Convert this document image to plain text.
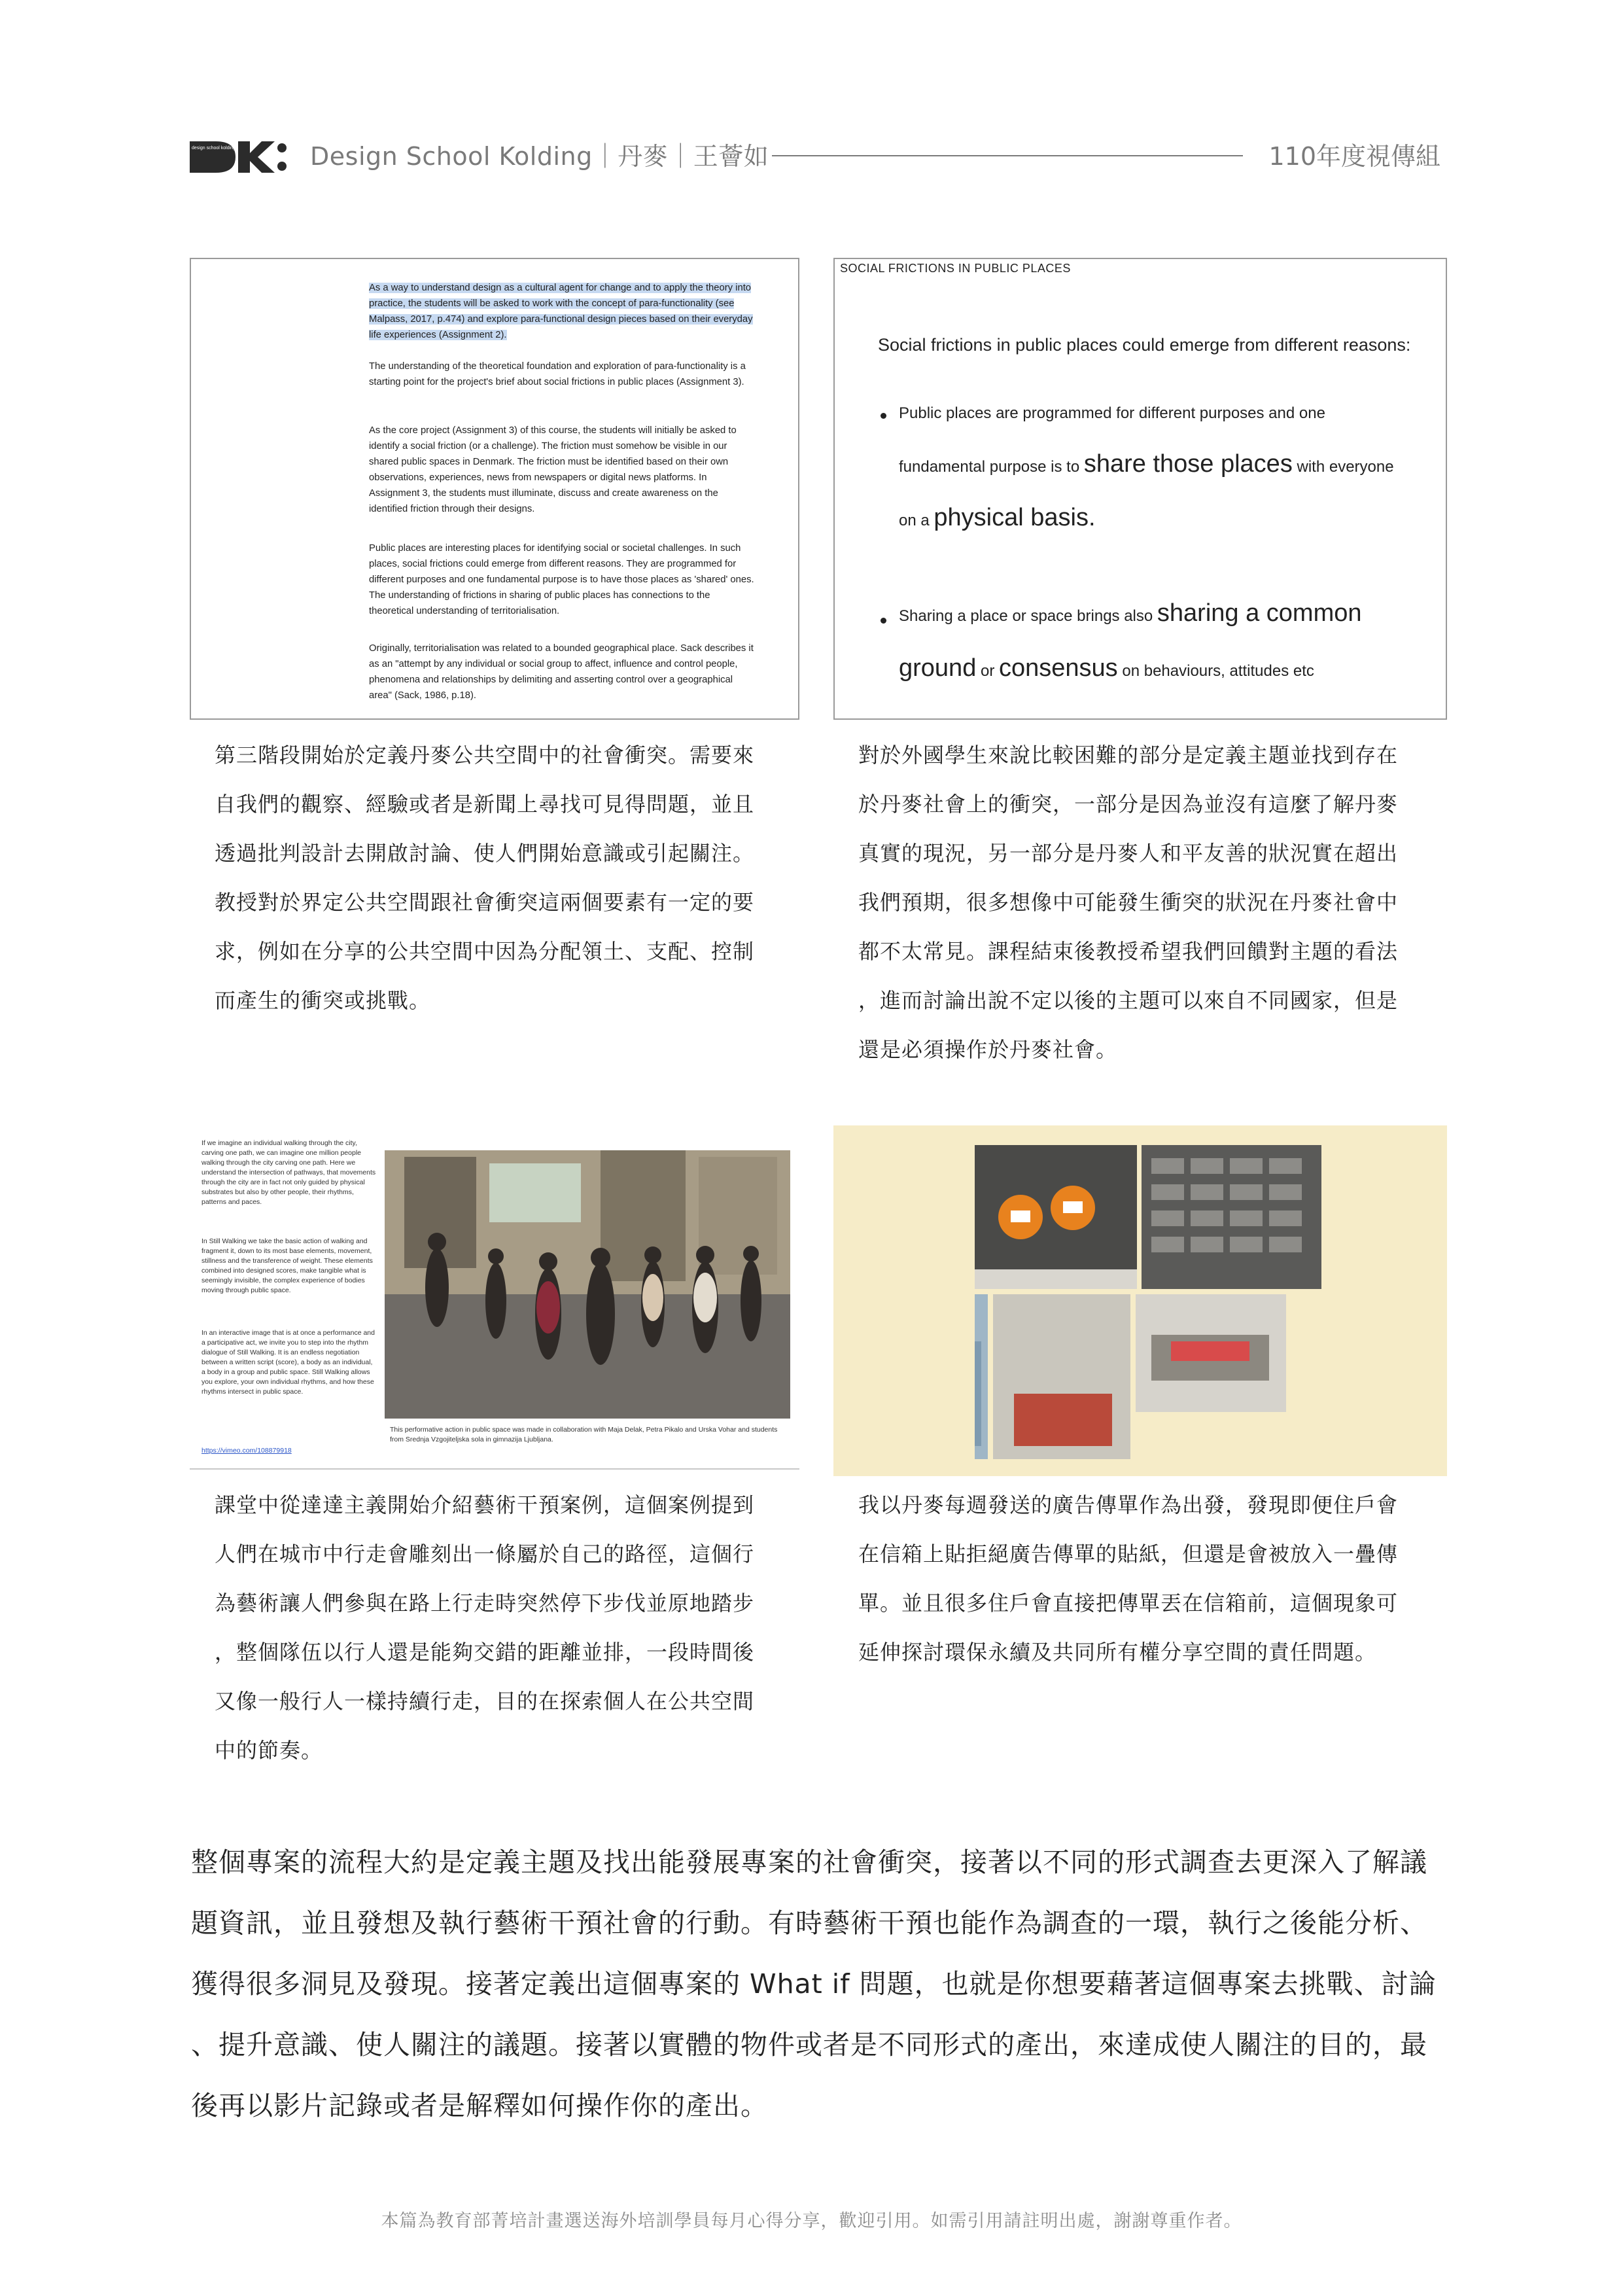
design school kolding	Design School Kolding｜丹麥｜王薈如	110年度視傳組

As a way to understand design as a cultural agent for change and to apply the theory into practice, the students will be asked to work with the concept of para-functionality (see Malpass, 2017, p.474) and explore para-functional design pieces based on their everyday life experiences (Assignment 2).

The understanding of the theoretical foundation and exploration of para-functionality is a starting point for the project's brief about social frictions in public places (Assignment 3).

As the core project (Assignment 3) of this course, the students will initially be asked to identify a social friction (or a challenge). The friction must somehow be visible in our shared public spaces in Denmark. The friction must be identified based on their own observations, experiences, news from newspapers or digital news platforms. In Assignment 3, the students must illuminate, discuss and create awareness on the identified friction through their designs.

Public places are interesting places for identifying social or societal challenges. In such places, social frictions could emerge from different reasons. They are programmed for different purposes and one fundamental purpose is to have those places as 'shared' ones. The understanding of frictions in sharing of public places has connections to the theoretical understanding of territorialisation.

Originally, territorialisation was related to a bounded geographical place. Sack describes it as an "attempt by any individual or social group to affect, influence and control people, phenomena and relationships by delimiting and asserting control over a geographical area" (Sack, 1986, p.18).

SOCIAL FRICTIONS IN PUBLIC PLACES
Social frictions in public places could emerge from different reasons:
Public places are programmed for different purposes and one
fundamental purpose is to share those places with everyone
on a physical basis.
Sharing a place or space brings also sharing a common
ground or consensus on behaviours, attitudes etc

第三階段開始於定義丹麥公共空間中的社會衝突。需要來
自我們的觀察、經驗或者是新聞上尋找可見得問題，並且
透過批判設計去開啟討論、使人們開始意識或引起關注。
教授對於界定公共空間跟社會衝突這兩個要素有一定的要
求，例如在分享的公共空間中因為分配領土、支配、控制
而產生的衝突或挑戰。

對於外國學生來說比較困難的部分是定義主題並找到存在
於丹麥社會上的衝突，一部分是因為並沒有這麼了解丹麥
真實的現況，另一部分是丹麥人和平友善的狀況實在超出
我們預期，很多想像中可能發生衝突的狀況在丹麥社會中
都不太常見。課程結束後教授希望我們回饋對主題的看法
，進而討論出說不定以後的主題可以來自不同國家，但是
還是必須操作於丹麥社會。

If we imagine an individual walking through the city, carving one path, we can imagine one million people walking through the city carving one path. Here we understand the intersection of pathways, that movements through the city are in fact not only guided by physical substrates but also by other people, their rhythms, patterns and paces.

In Still Walking we take the basic action of walking and fragment it, down to its most base elements, movement, stillness and the transference of weight. These elements combined into designed scores, make tangible what is seemingly invisible, the complex experience of bodies moving through public space.

In an interactive image that is at once a performance and a participative act, we invite you to step into the rhythm dialogue of Still Walking. It is an endless negotiation between a written script (score), a body as an individual, a body in a group and public space. Still Walking allows you explore, your own individual rhythms, and how these rhythms intersect in public space.

https://vimeo.com/108879918

This performative action in public space was made in collaboration with Maja Delak, Petra Pikalo and Urska Vohar and students from Srednja Vzgojiteljska sola in gimnazija Ljubljana.

課堂中從達達主義開始介紹藝術干預案例，這個案例提到
人們在城市中行走會雕刻出一條屬於自己的路徑，這個行
為藝術讓人們參與在路上行走時突然停下步伐並原地踏步
，整個隊伍以行人還是能夠交錯的距離並排，一段時間後
又像一般行人一樣持續行走，目的在探索個人在公共空間
中的節奏。

我以丹麥每週發送的廣告傳單作為出發，發現即便住戶會
在信箱上貼拒絕廣告傳單的貼紙，但還是會被放入一疊傳
單。並且很多住戶會直接把傳單丟在信箱前，這個現象可
延伸探討環保永續及共同所有權分享空間的責任問題。

整個專案的流程大約是定義主題及找出能發展專案的社會衝突，接著以不同的形式調查去更深入了解議
題資訊，並且發想及執行藝術干預社會的行動。有時藝術干預也能作為調查的一環，執行之後能分析、
獲得很多洞見及發現。接著定義出這個專案的 What if 問題，也就是你想要藉著這個專案去挑戰、討論
、提升意識、使人關注的議題。接著以實體的物件或者是不同形式的產出，來達成使人關注的目的，最
後再以影片記錄或者是解釋如何操作你的產出。

本篇為教育部菁培計畫選送海外培訓學員每月心得分享，歡迎引用。如需引用請註明出處，謝謝尊重作者。
